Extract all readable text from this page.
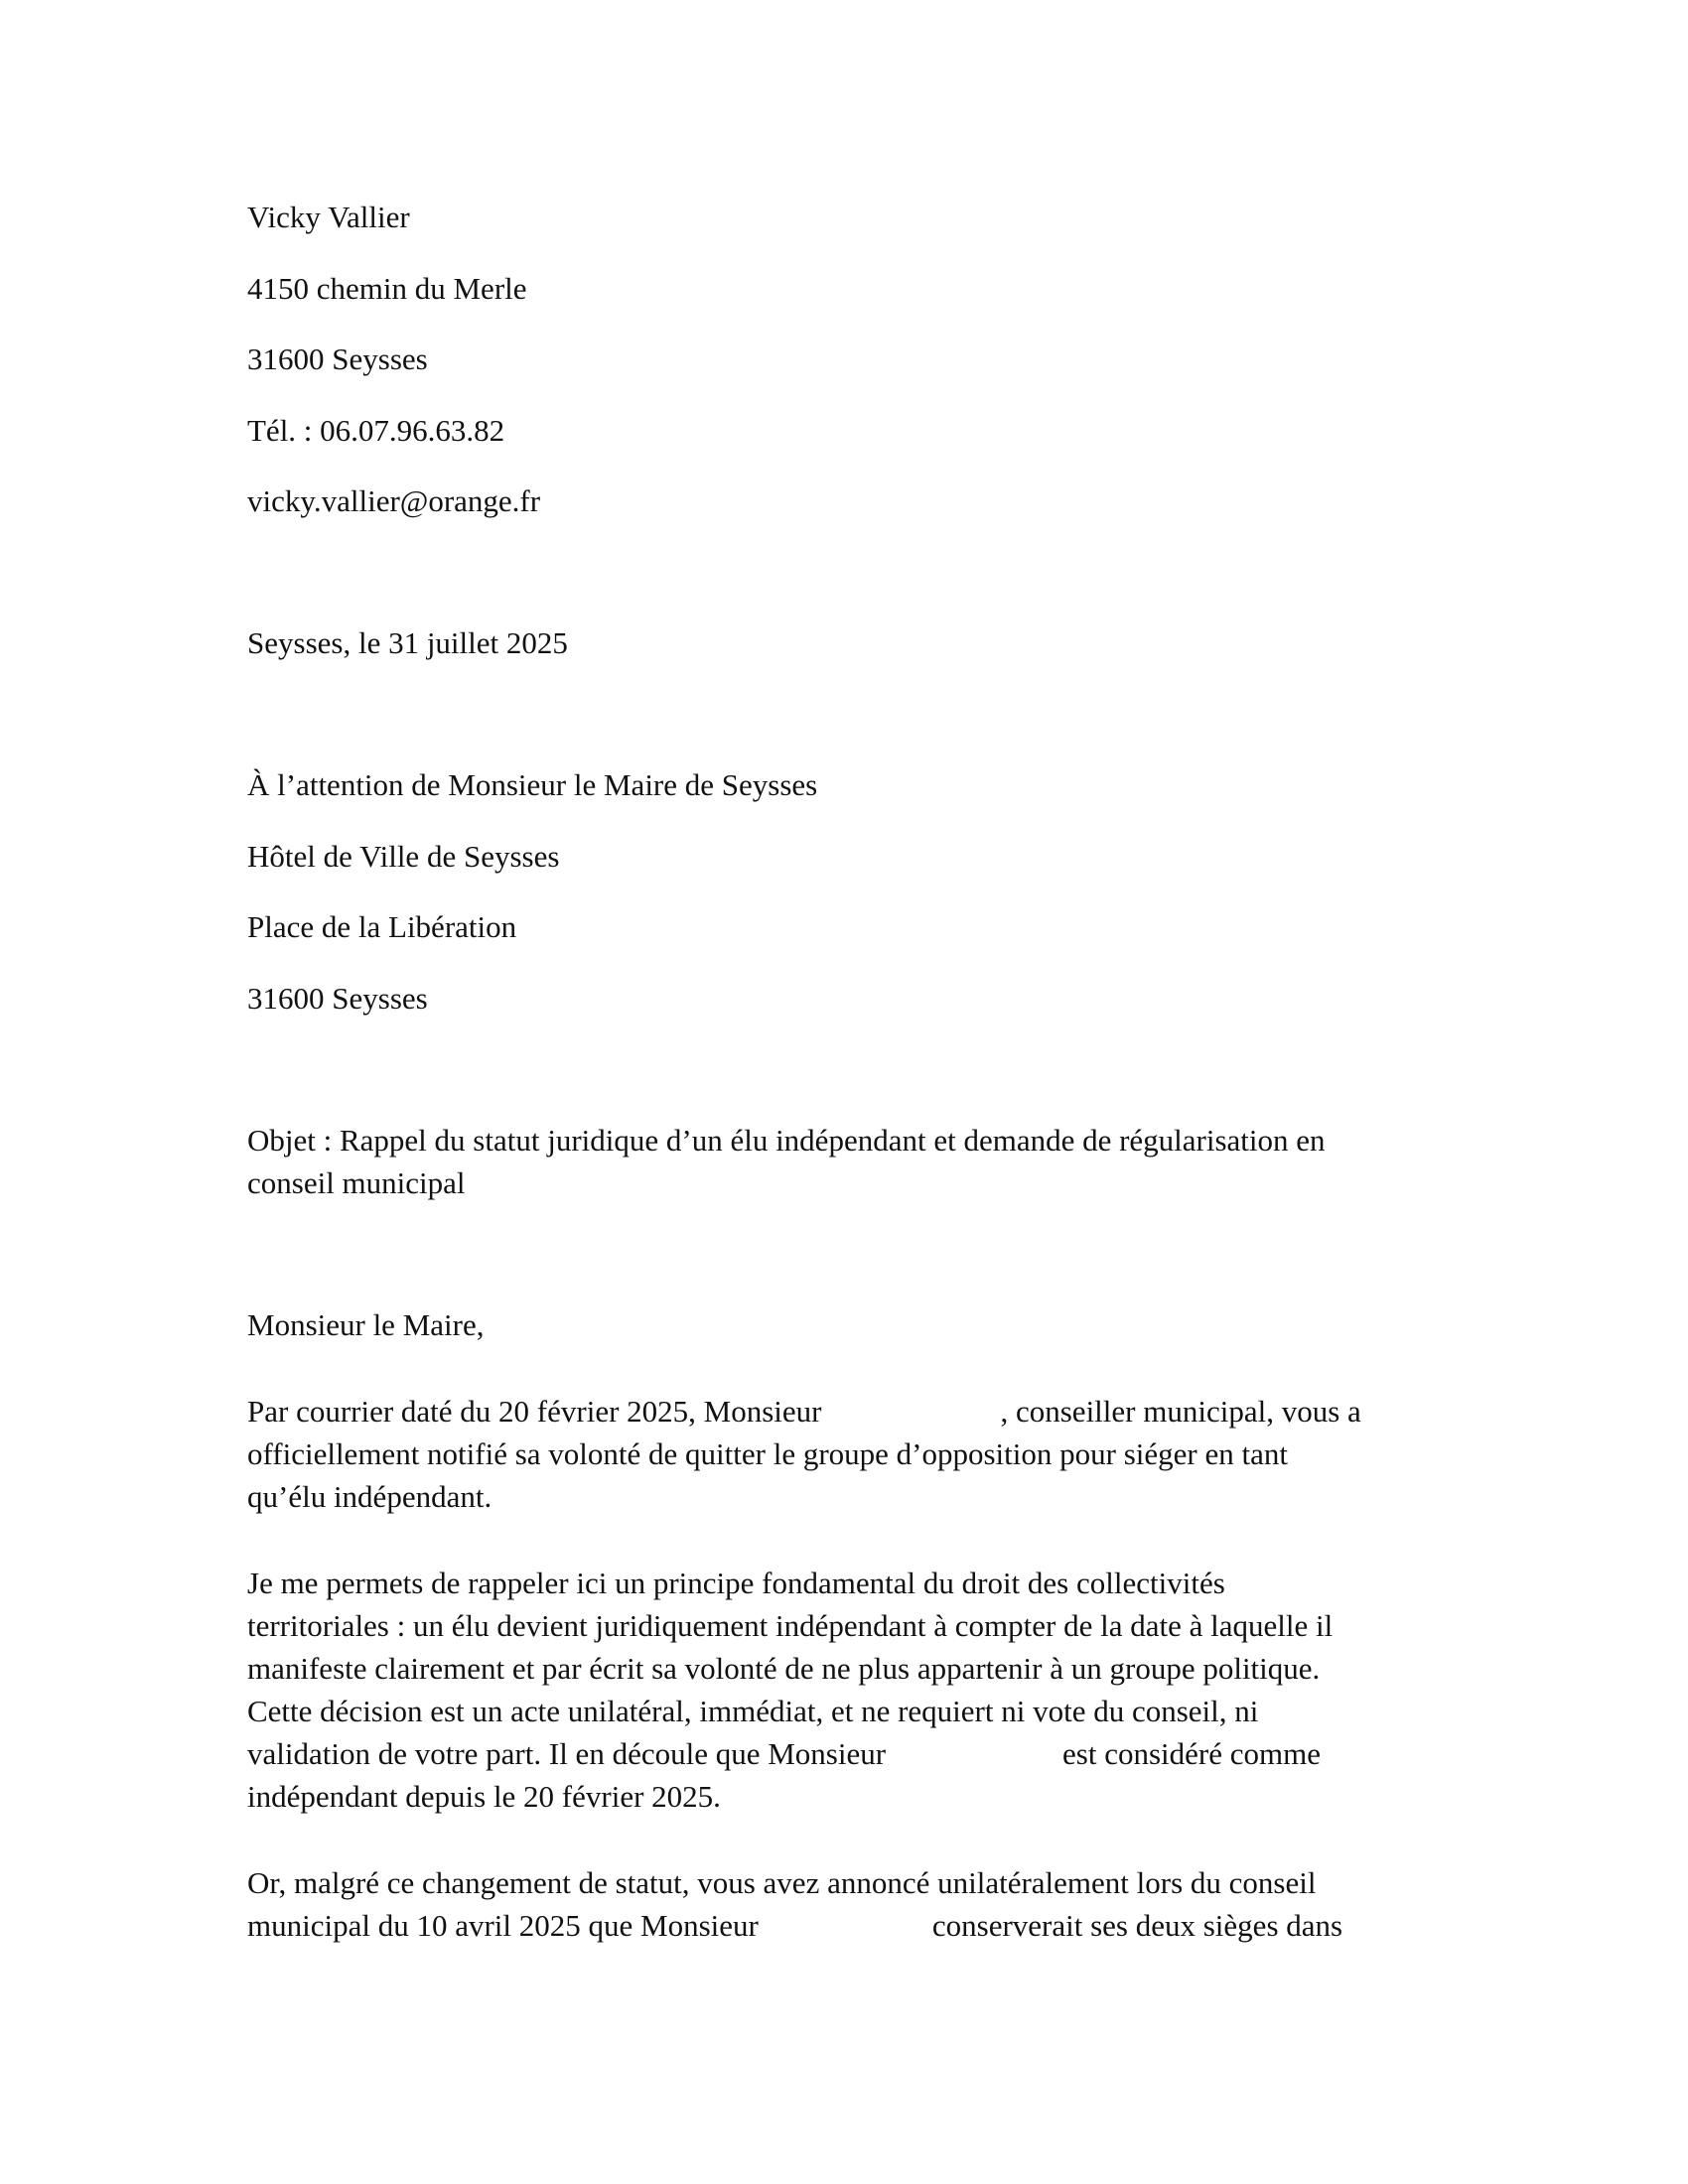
Vicky Vallier
4150 chemin du Merle
31600 Seysses
Tél. : 06.07.96.63.82
vicky.vallier@orange.fr
Seysses, le 31 juillet 2025
À l’attention de Monsieur le Maire de Seysses
Hôtel de Ville de Seysses
Place de la Libération
31600 Seysses
Objet : Rappel du statut juridique d’un élu indépendant et demande de régularisation en
conseil municipal
Monsieur le Maire,
Par courrier daté du 20 février 2025, Monsieur	, conseiller municipal, vous a
officiellement notifié sa volonté de quitter le groupe d’opposition pour siéger en tant
qu’élu indépendant.
Je me permets de rappeler ici un principe fondamental du droit des collectivités
territoriales : un élu devient juridiquement indépendant à compter de la date à laquelle il
manifeste clairement et par écrit sa volonté de ne plus appartenir à un groupe politique.
Cette décision est un acte unilatéral, immédiat, et ne requiert ni vote du conseil, ni
validation de votre part. Il en découle que Monsieur	est considéré comme
indépendant depuis le 20 février 2025.
Or, malgré ce changement de statut, vous avez annoncé unilatéralement lors du conseil
municipal du 10 avril 2025 que Monsieur	conserverait ses deux sièges dans
